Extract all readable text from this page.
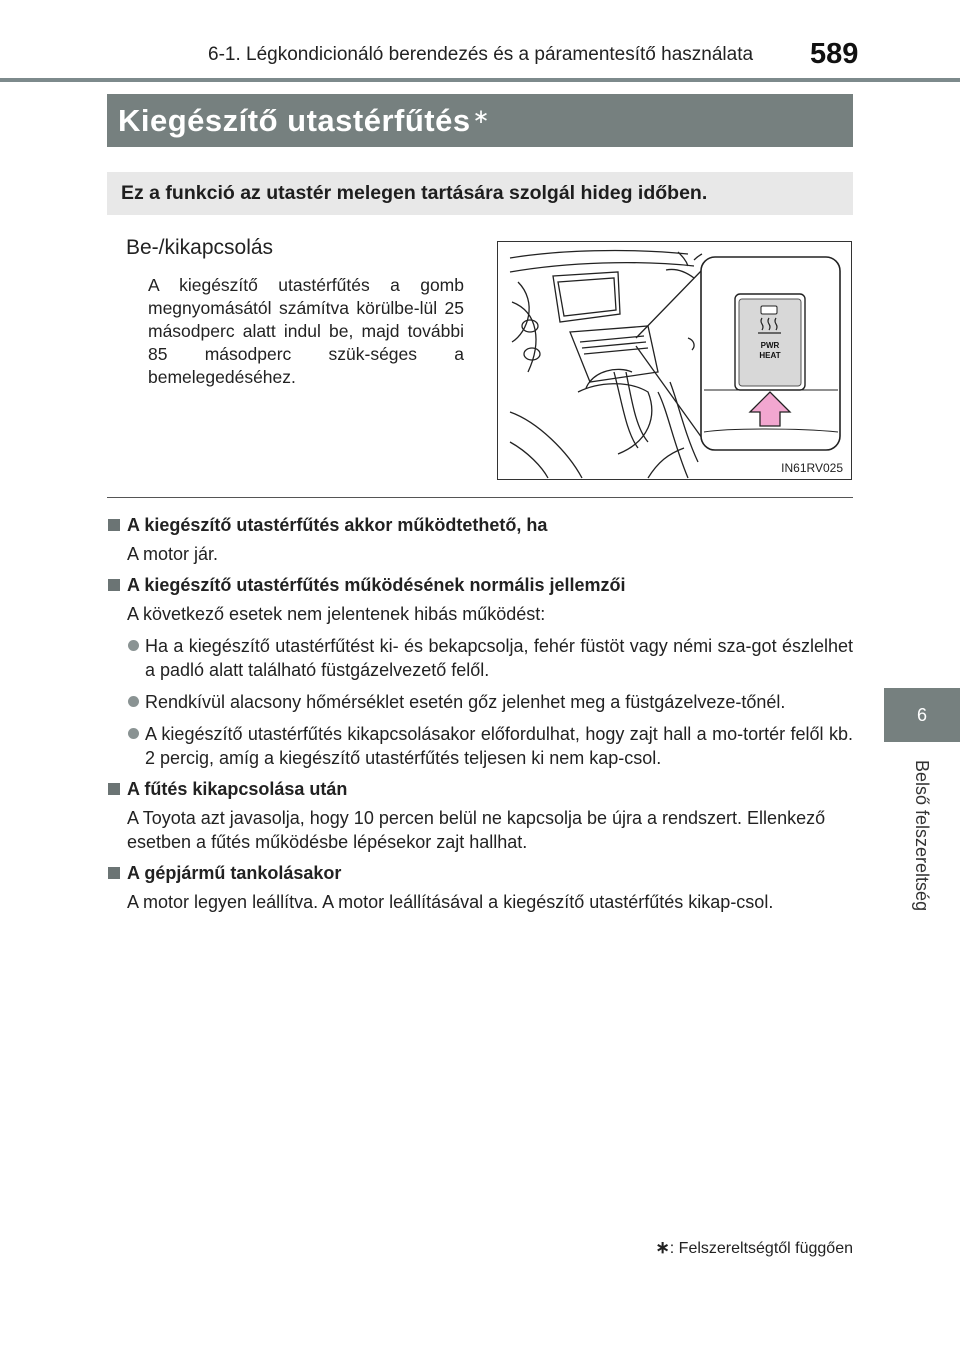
6-1. Légkondicionáló berendezés és a páramentesítő használata 589
6
Belső felszereltség
Kiegészítő utastérfűtés∗
Ez a funkció az utastér melegen tartására szolgál hideg időben.
Be-/kikapcsolás
A kiegészítő utastérfűtés a gomb megnyomásától számítva körülbe-lül 25 másodperc alatt indul be, majd további 85 másodperc szük-séges a bemelegedéséhez.
PWR
HEAT
IN61RV025
A kiegészítő utastérfűtés akkor működtethető, ha
A motor jár.
A kiegészítő utastérfűtés működésének normális jellemzői
A következő esetek nem jelentenek hibás működést:
Ha a kiegészítő utastérfűtést ki- és bekapcsolja, fehér füstöt vagy némi sza-got észlelhet a padló alatt található füstgázelvezető felől.
Rendkívül alacsony hőmérséklet esetén gőz jelenhet meg a füstgázelveze-tőnél.
A kiegészítő utastérfűtés kikapcsolásakor előfordulhat, hogy zajt hall a mo-tortér felől kb. 2 percig, amíg a kiegészítő utastérfűtés teljesen ki nem kap-csol.
A fűtés kikapcsolása után
A Toyota azt javasolja, hogy 10 percen belül ne kapcsolja be újra a rendszert. Ellenkező esetben a fűtés működésbe lépésekor zajt hallhat.
A gépjármű tankolásakor
A motor legyen leállítva. A motor leállításával a kiegészítő utastérfűtés kikap-csol.
∗: Felszereltségtől függően
